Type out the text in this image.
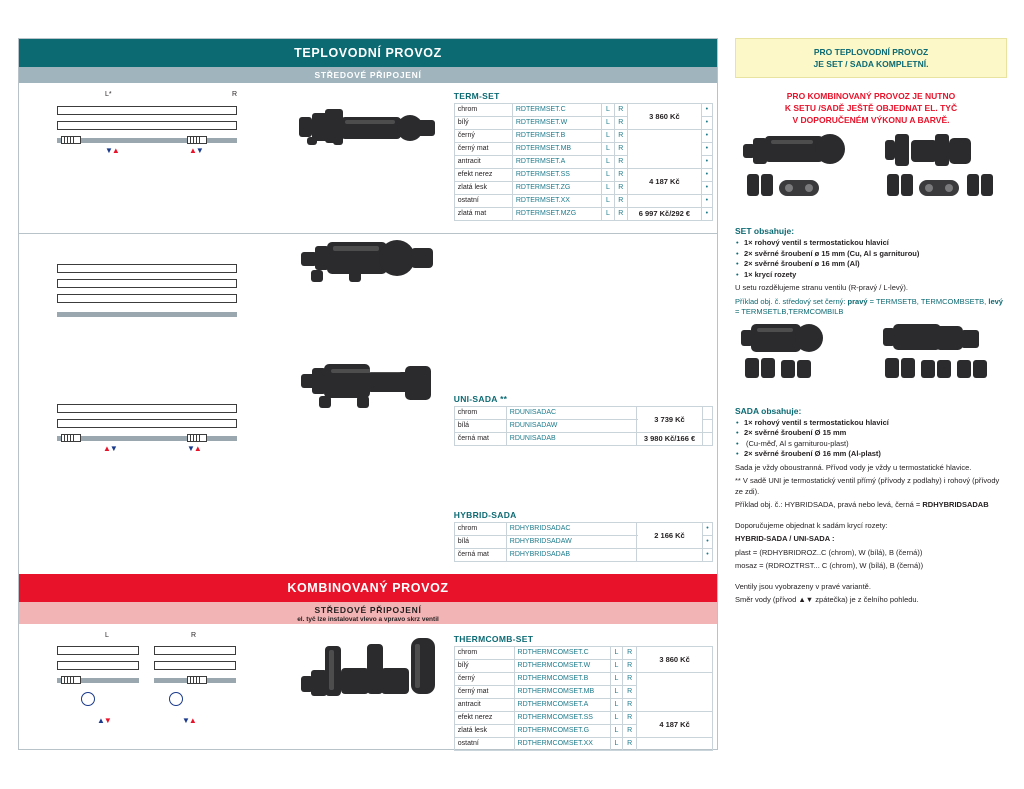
TEPLOVODNÍ PROVOZ
STŘEDOVÉ PŘIPOJENÍ
L*	R
▼▲	▲▼
TERM-SET
chrom	RDTERMSET.C	L	R	3 860 Kč	•
bílý	RDTERMSET.W	L	R		•
černý	RDTERMSET.B	L	R		•
černý mat	RDTERMSET.MB	L	R		•
antracit	RDTERMSET.A	L	R		•
efekt nerez	RDTERMSET.SS	L	R	4 187 Kč	•
zlatá lesk	RDTERMSET.ZG	L	R		•
ostatní	RDTERMSET.XX	L	R		•
zlatá mat	RDTERMSET.MZG	L	R	6 997 Kč/292 €	•
▲▼	▼▲
UNI-SADA **
chrom	RDUNISADAC	3 739 Kč	
bílá	RDUNISADAW		
černá mat	RDUNISADAB	3 980 Kč/166 €	
HYBRID-SADA
chrom	RDHYBRIDSADAC	2 166 Kč	•
bílá	RDHYBRIDSADAW		•
černá mat	RDHYBRIDSADAB		•
KOMBINOVANÝ PROVOZ
STŘEDOVÉ PŘIPOJENÍ
el. tyč lze instalovat vlevo a vpravo skrz ventil
L	R
▲▼	▼▲
THERMCOMB-SET
chrom	RDTHERMCOMSET.C	L	R	3 860 Kč
bílý	RDTHERMCOMSET.W	L	R	
černý	RDTHERMCOMSET.B	L	R	
černý mat	RDTHERMCOMSET.MB	L	R	
antracit	RDTHERMCOMSET.A	L	R	
efekt nerez	RDTHERMCOMSET.SS	L	R	4 187 Kč
zlatá lesk	RDTHERMCOMSET.G	L	R	
ostatní	RDTHERMCOMSET.XX	L	R	
PRO TEPLOVODNÍ PROVOZ
JE SET / SADA KOMPLETNÍ.
PRO KOMBINOVANÝ PROVOZ JE NUTNO
K SETU /SADĚ JEŠTĚ OBJEDNAT EL. TYČ
V DOPORUČENÉM VÝKONU A BARVĚ.
SET obsahuje:
• 1× rohový ventil s termostatickou hlavicí
• 2× svěrné šroubení ø 15 mm (Cu, Al s garniturou)
• 2× svěrné šroubení ø 16 mm (Al)
• 1× krycí rozety
U setu rozdělujeme stranu ventilu (R-pravý / L-levý).
Příklad obj. č. středový set černý: pravý = TERMSETB, TERMCOMBSETB, levý = TERMSETLB,TERMCOMBILB
SADA obsahuje:
• 1× rohový ventil s termostatickou hlavicí
• 2× svěrné šroubení Ø 15 mm
• (Cu-měď, Al s garniturou-plast)
• 2× svěrné šroubení Ø 16 mm (Al-plast)
Sada je vždy oboustranná. Přívod vody je vždy u termostatické hlavice.
** V sadě UNI je termostatický ventil přímý (přívody z podlahy) i rohový (přívody ze zdi).
Příklad obj. č.: HYBRIDSADA, pravá nebo levá, černá = RDHYBRIDSADAB
Doporučujeme objednat k sadám krycí rozety:
HYBRID-SADA / UNI-SADA :
plast = (RDHYBRIDROZ..C (chrom), W (bílá), B (černá))
mosaz = (RDROZTRST... C (chrom), W (bílá), B (černá))
Ventily jsou vyobrazeny v pravé variantě.
Směr vody (přívod ▲▼ zpátečka) je z čelního pohledu.
